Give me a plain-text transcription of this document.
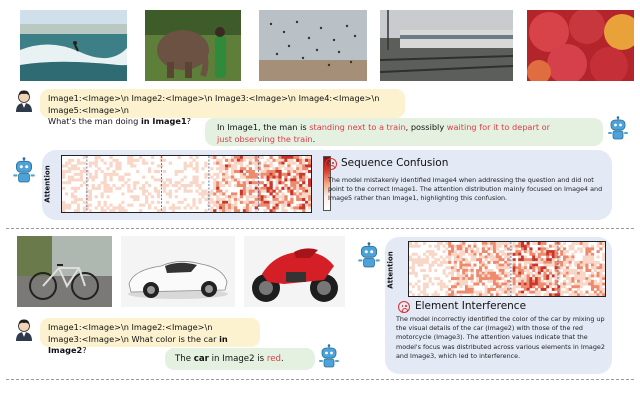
Image1:<Image>\n Image2:<Image>\n Image3:<Image>\n Image4:<Image>\n Image5:<Image>\n
What's the man doing in Image1?
In Image1, the man is standing next to a train, possibly waiting for it to depart or
just observing the train.
Attention
Sequence Confusion
The model mistakenly identified Image4 when addressing the question and did not point to the correct Image1. The attention distribution mainly focused on Image4 and Image5 rather than Image1, highlighting this confusion.
Attention
Element Interference
The model incorrectly identified the color of the car by mixing up the visual details of the car (Image2) with those of the red motorcycle (Image3). The attention values indicate that the model's focus was distributed across various elements in Image2 and Image3, which led to interference.
Image1:<Image>\n Image2:<Image>\n
Image3:<Image>\n What color is the car in Image2?
The car in Image2 is red.
